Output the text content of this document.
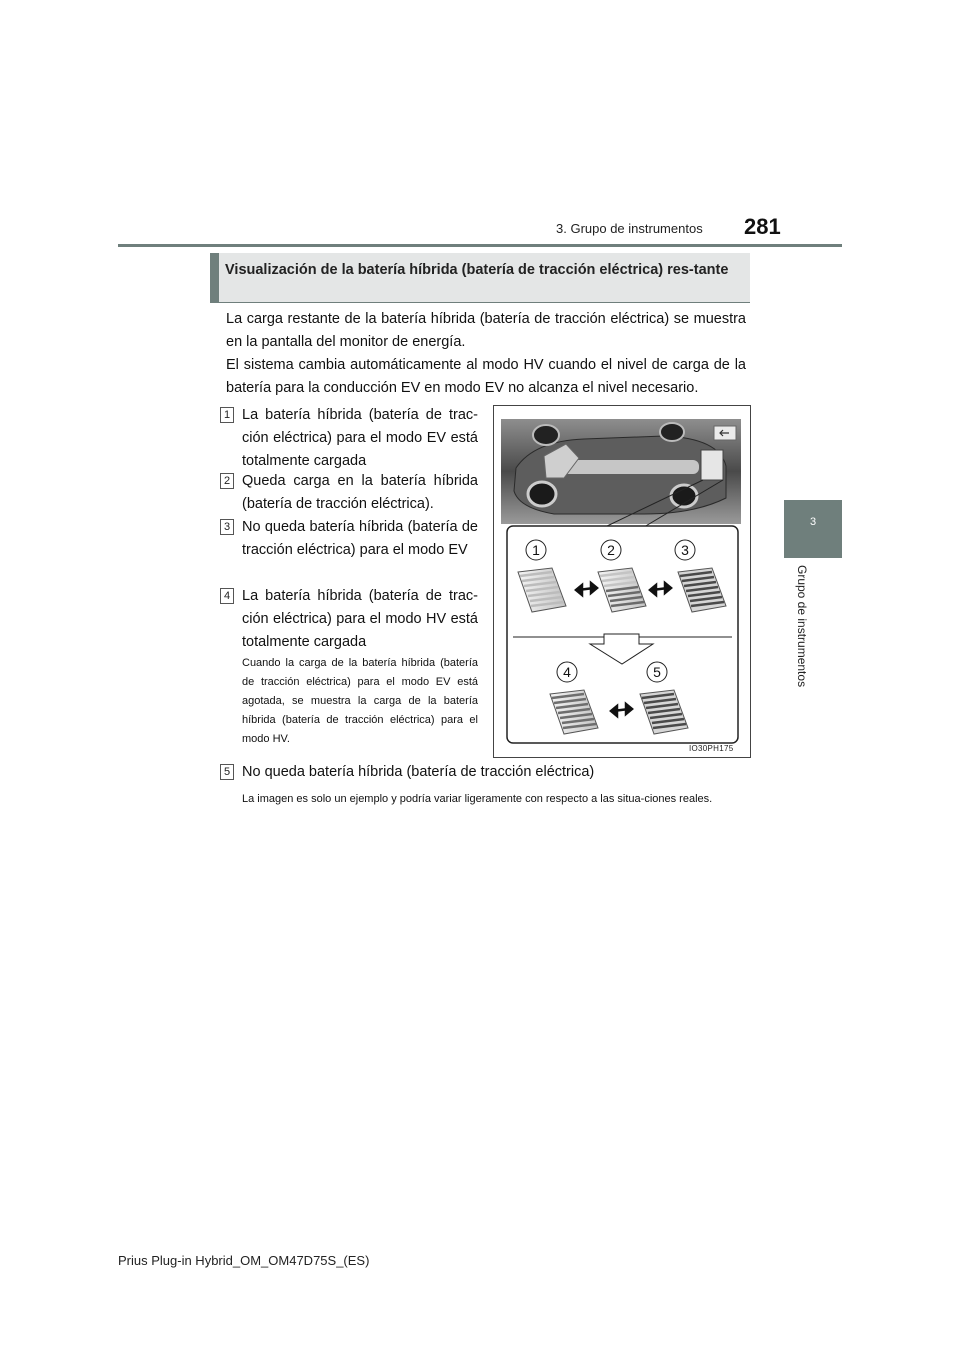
3. Grupo de instrumentos 281
3
Grupo de instrumentos
Visualización de la batería híbrida (batería de tracción eléctrica) res-tante
La carga restante de la batería híbrida (batería de tracción eléctrica) se muestra en la pantalla del monitor de energía.
El sistema cambia automáticamente al modo HV cuando el nivel de carga de la batería para la conducción EV en modo EV no alcanza el nivel necesario.
1 La batería híbrida (batería de trac-ción eléctrica) para el modo EV está totalmente cargada
2 Queda carga en la batería híbrida (batería de tracción eléctrica).
3 No queda batería híbrida (batería de tracción eléctrica) para el modo EV
4 La batería híbrida (batería de trac-ción eléctrica) para el modo HV está totalmente cargada
Cuando la carga de la batería híbrida (batería de tracción eléctrica) para el modo EV está agotada, se muestra la carga de la batería híbrida (batería de tracción eléctrica) para el modo HV.
5 No queda batería híbrida (batería de tracción eléctrica)
La imagen es solo un ejemplo y podría variar ligeramente con respecto a las situa-ciones reales.
1	2	3
4	5
IO30PH175
Prius Plug-in Hybrid_OM_OM47D75S_(ES)
